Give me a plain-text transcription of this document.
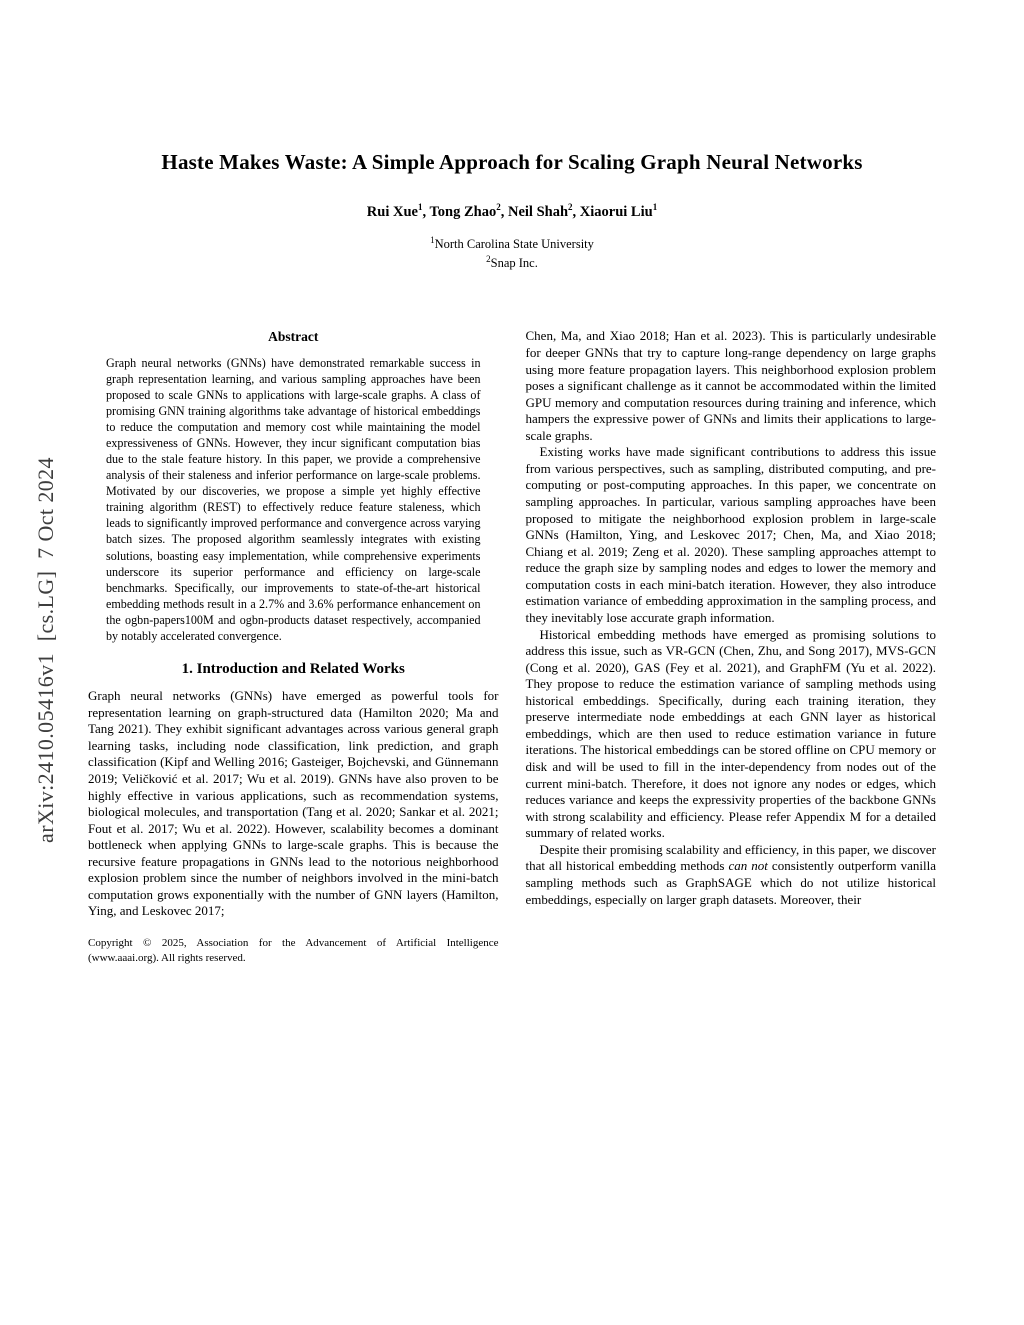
arXiv:2410.05416v1  [cs.LG]  7 Oct 2024
Haste Makes Waste: A Simple Approach for Scaling Graph Neural Networks
Rui Xue$^1$, Tong Zhao$^2$, Neil Shah$^2$, Xiaorui Liu$^1$
$^1$North Carolina State University
$^2$Snap Inc.
Abstract

Graph neural networks (GNNs) have demonstrated remarkable success in graph representation learning, and various sampling approaches have been proposed to scale GNNs to applications with large-scale graphs. A class of promising GNN training algorithms take advantage of historical embeddings to reduce the computation and memory cost while maintaining the model expressiveness of GNNs. However, they incur significant computation bias due to the stale feature history. In this paper, we provide a comprehensive analysis of their staleness and inferior performance on large-scale problems. Motivated by our discoveries, we propose a simple yet highly effective training algorithm (REST) to effectively reduce feature staleness, which leads to significantly improved performance and convergence across varying batch sizes. The proposed algorithm seamlessly integrates with existing solutions, boasting easy implementation, while comprehensive experiments underscore its superior performance and efficiency on large-scale benchmarks. Specifically, our improvements to state-of-the-art historical embedding methods result in a 2.7% and 3.6% performance enhancement on the ogbn-papers100M and ogbn-products dataset respectively, accompanied by notably accelerated convergence.

1. Introduction and Related Works

Graph neural networks (GNNs) have emerged as powerful tools for representation learning on graph-structured data (Hamilton 2020; Ma and Tang 2021). They exhibit significant advantages across various general graph learning tasks, including node classification, link prediction, and graph classification (Kipf and Welling 2016; Gasteiger, Bojchevski, and Günnemann 2019; Veličković et al. 2017; Wu et al. 2019). GNNs have also proven to be highly effective in various applications, such as recommendation systems, biological molecules, and transportation (Tang et al. 2020; Sankar et al. 2021; Fout et al. 2017; Wu et al. 2022). However, scalability becomes a dominant bottleneck when applying GNNs to large-scale graphs. This is because the recursive feature propagations in GNNs lead to the notorious neighborhood explosion problem since the number of neighbors involved in the mini-batch computation grows exponentially with the number of GNN layers (Hamilton, Ying, and Leskovec 2017;

Copyright © 2025, Association for the Advancement of Artificial Intelligence (www.aaai.org). All rights reserved.

Chen, Ma, and Xiao 2018; Han et al. 2023). This is particularly undesirable for deeper GNNs that try to capture long-range dependency on large graphs using more feature propagation layers. This neighborhood explosion problem poses a significant challenge as it cannot be accommodated within the limited GPU memory and computation resources during training and inference, which hampers the expressive power of GNNs and limits their applications to large-scale graphs.

Existing works have made significant contributions to address this issue from various perspectives, such as sampling, distributed computing, and pre-computing or post-computing approaches. In this paper, we concentrate on sampling approaches. In particular, various sampling approaches have been proposed to mitigate the neighborhood explosion problem in large-scale GNNs (Hamilton, Ying, and Leskovec 2017; Chen, Ma, and Xiao 2018; Chiang et al. 2019; Zeng et al. 2020). These sampling approaches attempt to reduce the graph size by sampling nodes and edges to lower the memory and computation costs in each mini-batch iteration. However, they also introduce estimation variance of embedding approximation in the sampling process, and they inevitably lose accurate graph information.

Historical embedding methods have emerged as promising solutions to address this issue, such as VR-GCN (Chen, Zhu, and Song 2017), MVS-GCN (Cong et al. 2020), GAS (Fey et al. 2021), and GraphFM (Yu et al. 2022). They propose to reduce the estimation variance of sampling methods using historical embeddings. Specifically, during each training iteration, they preserve intermediate node embeddings at each GNN layer as historical embeddings, which are then used to reduce estimation variance in future iterations. The historical embeddings can be stored offline on CPU memory or disk and will be used to fill in the inter-dependency from nodes out of the current mini-batch. Therefore, it does not ignore any nodes or edges, which reduces variance and keeps the expressivity properties of the backbone GNNs with strong scalability and efficiency. Please refer Appendix M for a detailed summary of related works.

Despite their promising scalability and efficiency, in this paper, we discover that all historical embedding methods can not consistently outperform vanilla sampling methods such as GraphSAGE which do not utilize historical embeddings, especially on larger graph datasets. Moreover, their
